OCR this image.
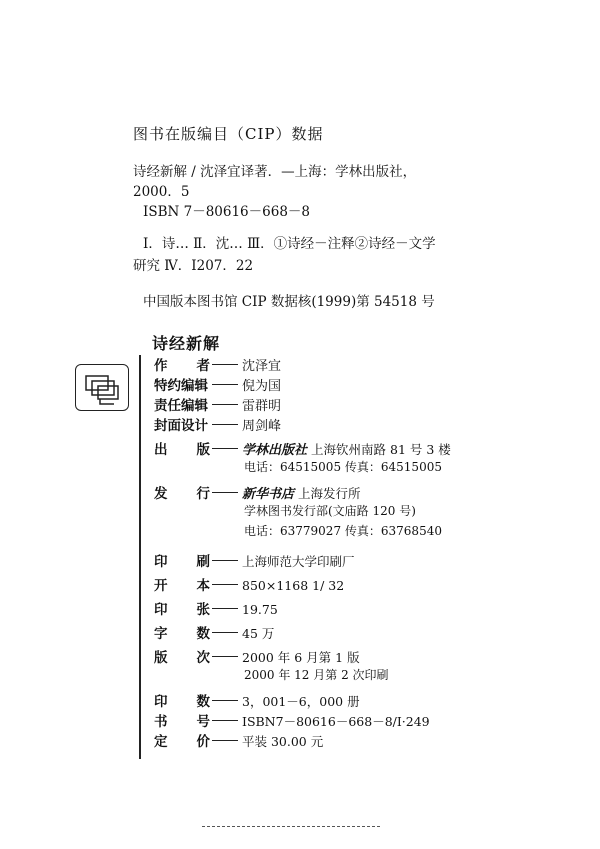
图书在版编目（CIP）数据
诗经新解 / 沈泽宜译著．—上海：学林出版社，
2000．5
ISBN 7－80616－668－8
Ⅰ．诗… Ⅱ．沈… Ⅲ．①诗经－注释②诗经－文学
研究 Ⅳ．I207．22
中国版本图书馆 CIP 数据核(1999)第 54518 号
诗经新解
作 者 沈泽宜
特约编辑	倪为国
责任编辑	雷群明
封面设计	周剑峰
出 版 学林出版社 上海钦州南路 81 号 3 楼
电话：64515005 传真：64515005
发 行 新华书店 上海发行所
学林图书发行部(文庙路 120 号)
电话：63779027 传真：63768540
印 刷	上海师范大学印刷厂
开 本	850×1168 1/ 32
印 张	19.75
字 数	45 万
版 次	2000 年 6 月第 1 版
2000 年 12 月第 2 次印刷
印 数	3，001－6，000 册
书 号	ISBN7－80616－668－8/I·249
定 价	平装 30.00 元
